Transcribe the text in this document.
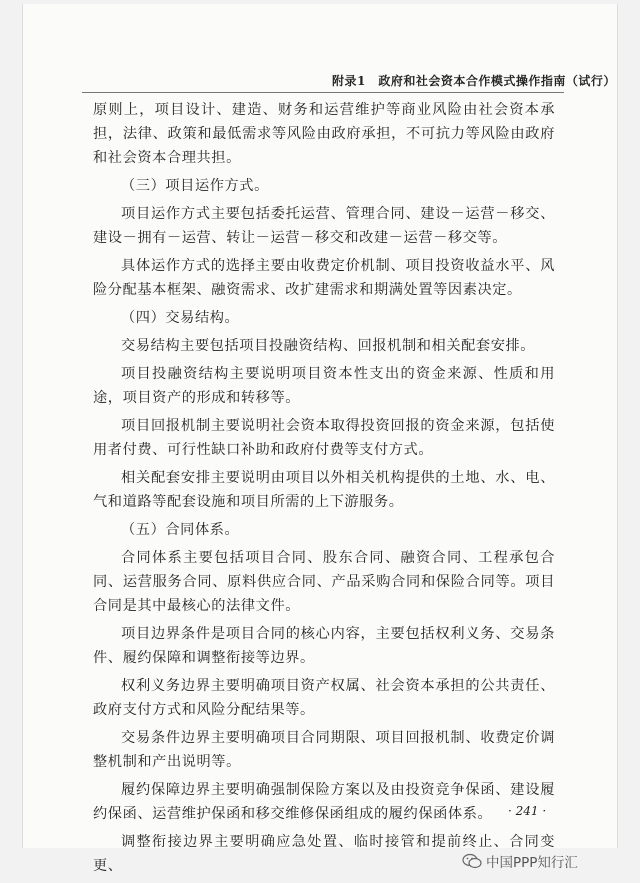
附录1　政府和社会资本合作模式操作指南（试行）

原则上，项目设计、建造、财务和运营维护等商业风险由社会资本承担，法律、政策和最低需求等风险由政府承担，不可抗力等风险由政府和社会资本合理共担。

（三）项目运作方式。

项目运作方式主要包括委托运营、管理合同、建设－运营－移交、建设－拥有－运营、转让－运营－移交和改建－运营－移交等。

具体运作方式的选择主要由收费定价机制、项目投资收益水平、风险分配基本框架、融资需求、改扩建需求和期满处置等因素决定。

（四）交易结构。

交易结构主要包括项目投融资结构、回报机制和相关配套安排。

项目投融资结构主要说明项目资本性支出的资金来源、性质和用途，项目资产的形成和转移等。

项目回报机制主要说明社会资本取得投资回报的资金来源，包括使用者付费、可行性缺口补助和政府付费等支付方式。

相关配套安排主要说明由项目以外相关机构提供的土地、水、电、气和道路等配套设施和项目所需的上下游服务。

（五）合同体系。

合同体系主要包括项目合同、股东合同、融资合同、工程承包合同、运营服务合同、原料供应合同、产品采购合同和保险合同等。项目合同是其中最核心的法律文件。

项目边界条件是项目合同的核心内容，主要包括权利义务、交易条件、履约保障和调整衔接等边界。

权利义务边界主要明确项目资产权属、社会资本承担的公共责任、政府支付方式和风险分配结果等。

交易条件边界主要明确项目合同期限、项目回报机制、收费定价调整机制和产出说明等。

履约保障边界主要明确强制保险方案以及由投资竞争保函、建设履约保函、运营维护保函和移交维修保函组成的履约保函体系。

调整衔接边界主要明确应急处置、临时接管和提前终止、合同变更、

· 241 ·
中国PPP知行汇
